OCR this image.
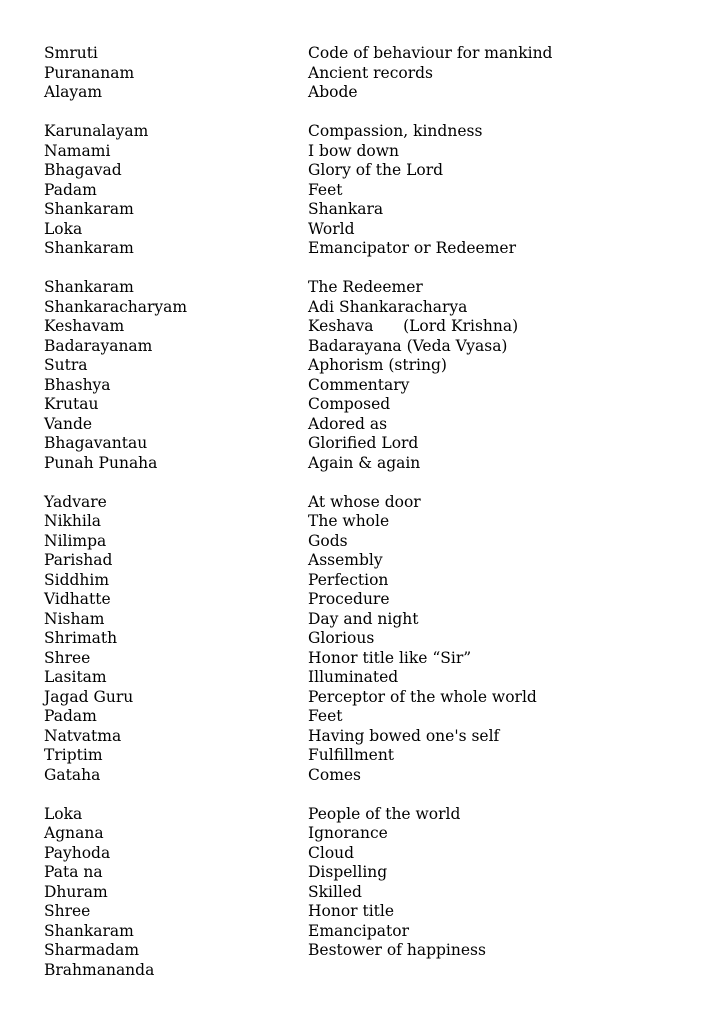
Smruti	Code of behaviour for mankind
Purananam	Ancient records
Alayam	Abode
Karunalayam	Compassion, kindness
Namami	I bow down
Bhagavad	Glory of the Lord
Padam	Feet
Shankaram	Shankara
Loka	World
Shankaram	Emancipator or Redeemer
Shankaram	The Redeemer
Shankaracharyam	Adi Shankaracharya
Keshavam	Keshava      (Lord Krishna)
Badarayanam	Badarayana (Veda Vyasa)
Sutra	Aphorism (string)
Bhashya	Commentary
Krutau	Composed
Vande	Adored as
Bhagavantau	Glorified Lord
Punah Punaha	Again & again
Yadvare	At whose door
Nikhila	The whole
Nilimpa	Gods
Parishad	Assembly
Siddhim	Perfection
Vidhatte	Procedure
Nisham	Day and night
Shrimath	Glorious
Shree	Honor title like “Sir”
Lasitam	Illuminated
Jagad Guru	Perceptor of the whole world
Padam	Feet
Natvatma	Having bowed one's self
Triptim	Fulfillment
Gataha	Comes
Loka	People of the world
Agnana	Ignorance
Payhoda	Cloud
Pata na	Dispelling
Dhuram	Skilled
Shree	Honor title
Shankaram	Emancipator
Sharmadam	Bestower of happiness
Brahmananda
